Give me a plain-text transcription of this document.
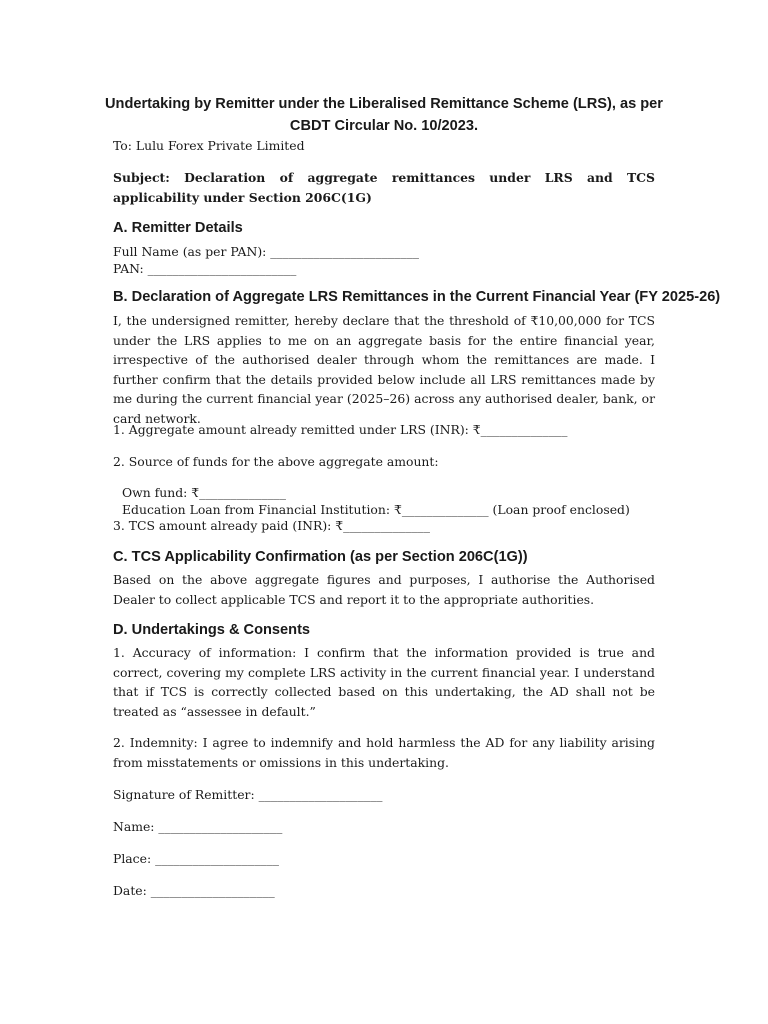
Undertaking by Remitter under the Liberalised Remittance Scheme (LRS), as per CBDT Circular No. 10/2023.
To: Lulu Forex Private Limited
Subject: Declaration of aggregate remittances under LRS and TCS applicability under Section 206C(1G)
A. Remitter Details
Full Name (as per PAN): ________________________
PAN: ________________________
B. Declaration of Aggregate LRS Remittances in the Current Financial Year (FY 2025-26)
I, the undersigned remitter, hereby declare that the threshold of ₹10,00,000 for TCS under the LRS applies to me on an aggregate basis for the entire financial year, irrespective of the authorised dealer through whom the remittances are made. I further confirm that the details provided below include all LRS remittances made by me during the current financial year (2025–26) across any authorised dealer, bank, or card network.
1. Aggregate amount already remitted under LRS (INR): ₹______________
2. Source of funds for the above aggregate amount:
Own fund: ₹______________
Education Loan from Financial Institution: ₹______________ (Loan proof enclosed)
3. TCS amount already paid (INR): ₹______________
C. TCS Applicability Confirmation (as per Section 206C(1G))
Based on the above aggregate figures and purposes, I authorise the Authorised Dealer to collect applicable TCS and report it to the appropriate authorities.
D. Undertakings & Consents
1. Accuracy of information: I confirm that the information provided is true and correct, covering my complete LRS activity in the current financial year. I understand that if TCS is correctly collected based on this undertaking, the AD shall not be treated as “assessee in default.”
2. Indemnity: I agree to indemnify and hold harmless the AD for any liability arising from misstatements or omissions in this undertaking.
Signature of Remitter: ____________________
Name: ____________________
Place: ____________________
Date: ____________________
